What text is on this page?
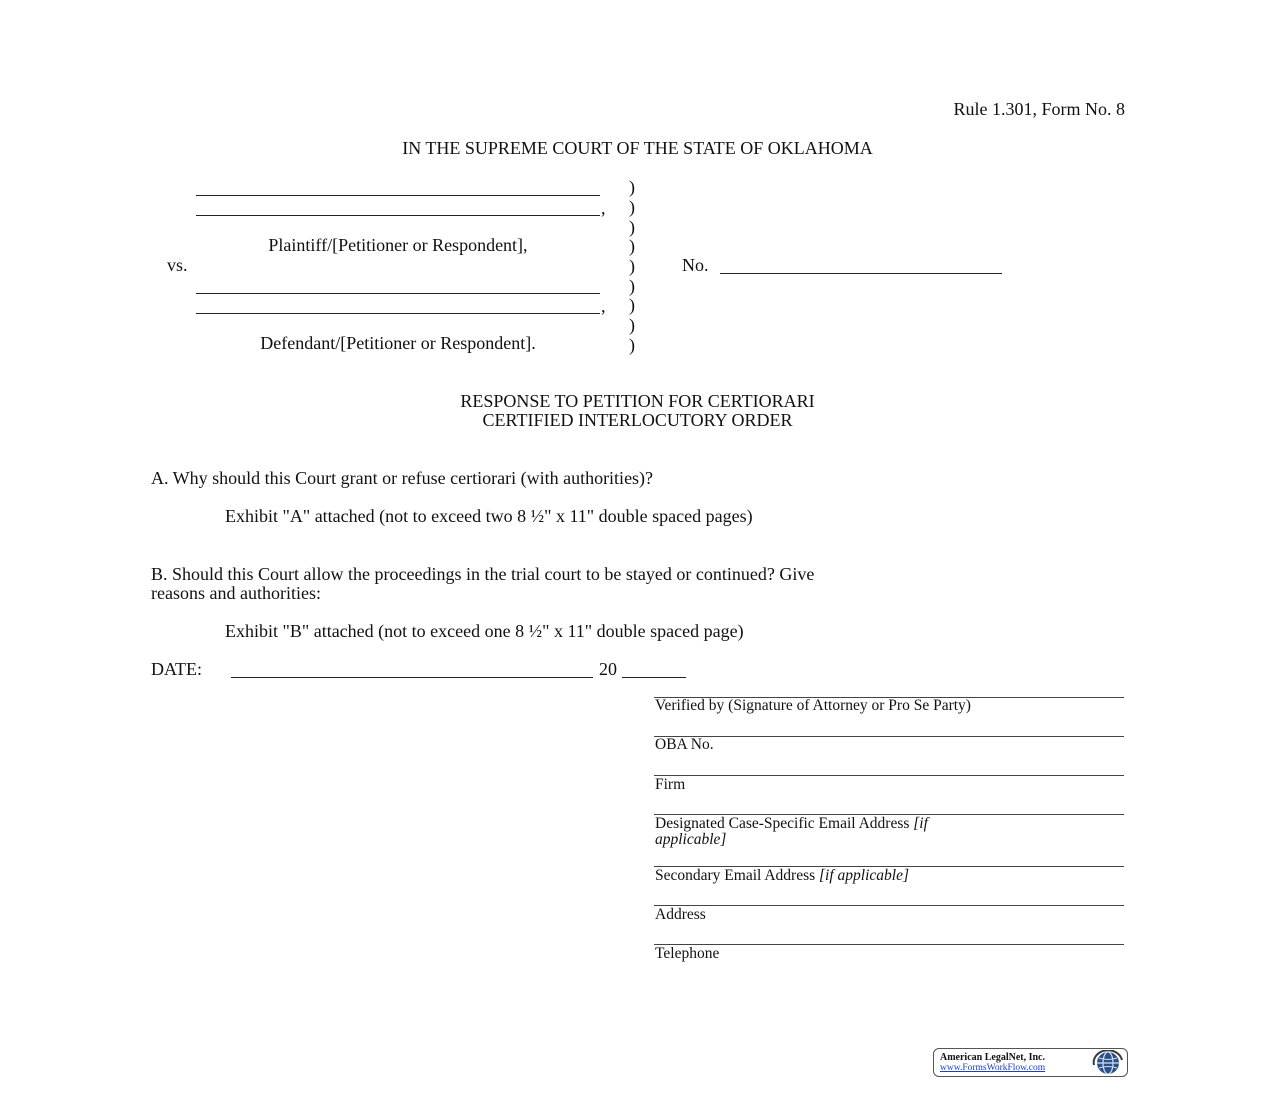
Rule 1.301, Form No. 8
IN THE SUPREME COURT OF THE STATE OF OKLAHOMA
,
Plaintiff/[Petitioner or Respondent],
vs.
,
Defendant/[Petitioner or Respondent].
)
)
)
)
)
)
)
)
)
No.
RESPONSE TO PETITION FOR CERTIORARI
CERTIFIED INTERLOCUTORY ORDER
A. Why should this Court grant or refuse certiorari (with authorities)?
Exhibit "A" attached (not to exceed two 8 ½" x 11" double spaced pages)
B. Should this Court allow the proceedings in the trial court to be stayed or continued? Give
reasons and authorities:
Exhibit "B" attached (not to exceed one 8 ½" x 11" double spaced page)
DATE:	20
Verified by (Signature of Attorney or Pro Se Party)
OBA No.
Firm
Designated Case-Specific Email Address [if
applicable]
Secondary Email Address [if applicable]
Address
Telephone
American LegalNet, Inc.
www.FormsWorkFlow.com
